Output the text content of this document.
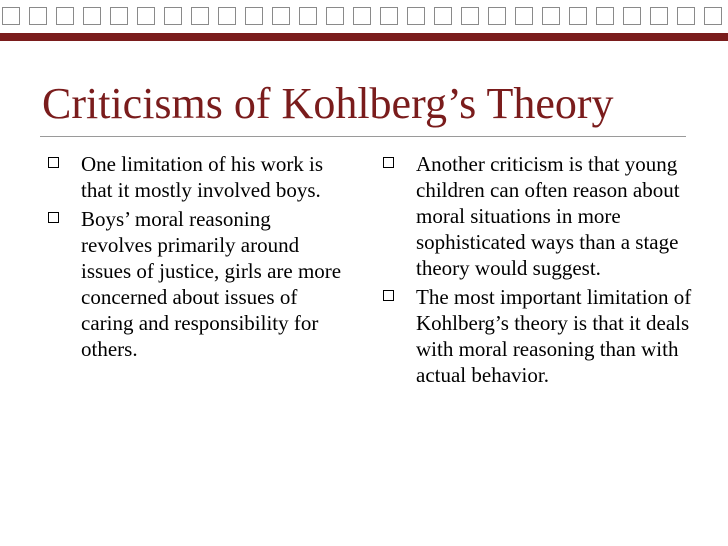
Criticisms of Kohlberg’s Theory
One limitation of his work is that it mostly involved boys.
Boys’ moral reasoning revolves primarily around issues of justice, girls are more concerned about issues of caring and responsibility for others.
Another criticism is that young children can often reason about moral situations in more sophisticated ways than a stage theory would suggest.
The most important limitation of Kohlberg’s theory is that it deals with moral reasoning than with actual behavior.
